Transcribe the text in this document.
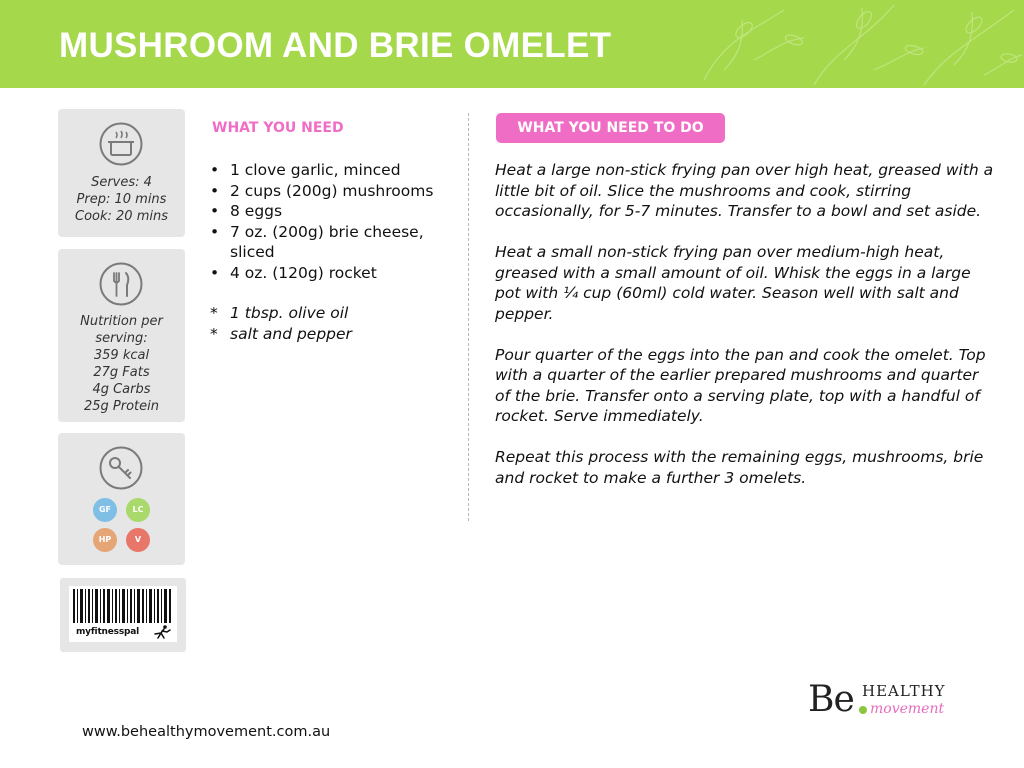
MUSHROOM AND BRIE OMELET
Serves: 4
Prep: 10 mins
Cook: 20 mins
Nutrition per
serving:
359 kcal
27g Fats
4g Carbs
25g Protein
GF	LC
HP	V
myfitnesspal
WHAT YOU NEED
• 1 clove garlic, minced
• 2 cups (200g) mushrooms
• 8 eggs
• 7 oz. (200g) brie cheese, sliced
• 4 oz. (120g) rocket
* 1 tbsp. olive oil
* salt and pepper
WHAT YOU NEED TO DO

Heat a large non-stick frying pan over high heat, greased with a little bit of oil. Slice the mushrooms and cook, stirring occasionally, for 5-7 minutes. Transfer to a bowl and set aside.

Heat a small non-stick frying pan over medium-high heat, greased with a small amount of oil. Whisk the eggs in a large pot with ¼ cup (60ml) cold water. Season well with salt and pepper.

Pour quarter of the eggs into the pan and cook the omelet. Top with a quarter of the earlier prepared mushrooms and quarter of the brie. Transfer onto a serving plate, top with a handful of rocket. Serve immediately.

Repeat this process with the remaining eggs, mushrooms, brie and rocket to make a further 3 omelets.

Be HEALTHY
movement
www.behealthymovement.com.au
